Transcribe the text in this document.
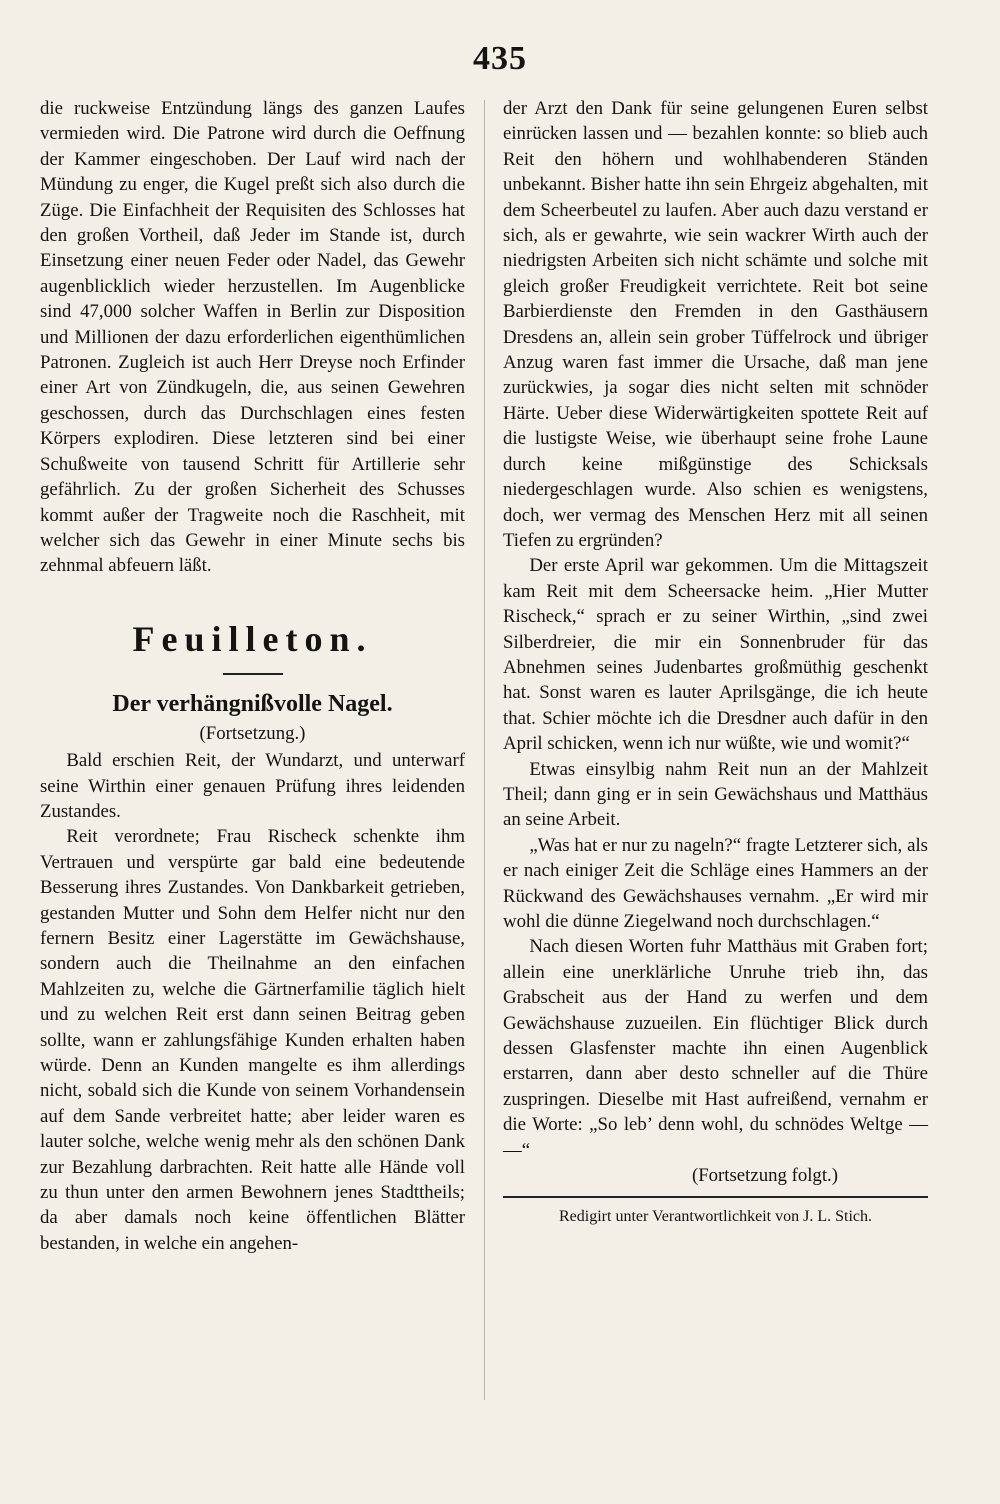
435

die ruckweise Entzündung längs des ganzen Laufes vermieden wird. Die Patrone wird durch die Oeffnung der Kammer eingeschoben. Der Lauf wird nach der Mündung zu enger, die Kugel preßt sich also durch die Züge. Die Einfachheit der Requisiten des Schlosses hat den großen Vortheil, daß Jeder im Stande ist, durch Einsetzung einer neuen Feder oder Nadel, das Gewehr augenblicklich wieder herzustellen. Im Augenblicke sind 47,000 solcher Waffen in Berlin zur Disposition und Millionen der dazu erforderlichen eigenthümlichen Patronen. Zugleich ist auch Herr Dreyse noch Erfinder einer Art von Zündkugeln, die, aus seinen Gewehren geschossen, durch das Durchschlagen eines festen Körpers explodiren. Diese letzteren sind bei einer Schußweite von tausend Schritt für Artillerie sehr gefährlich. Zu der großen Sicherheit des Schusses kommt außer der Tragweite noch die Raschheit, mit welcher sich das Gewehr in einer Minute sechs bis zehnmal abfeuern läßt.

Feuilleton.
Der verhängnißvolle Nagel.
(Fortsetzung.)

Bald erschien Reit, der Wundarzt, und unterwarf seine Wirthin einer genauen Prüfung ihres leidenden Zustandes.

Reit verordnete; Frau Rischeck schenkte ihm Vertrauen und verspürte gar bald eine bedeutende Besserung ihres Zustandes. Von Dankbarkeit getrieben, gestanden Mutter und Sohn dem Helfer nicht nur den fernern Besitz einer Lagerstätte im Gewächshause, sondern auch die Theilnahme an den einfachen Mahlzeiten zu, welche die Gärtnerfamilie täglich hielt und zu welchen Reit erst dann seinen Beitrag geben sollte, wann er zahlungsfähige Kunden erhalten haben würde. Denn an Kunden mangelte es ihm allerdings nicht, sobald sich die Kunde von seinem Vorhandensein auf dem Sande verbreitet hatte; aber leider waren es lauter solche, welche wenig mehr als den schönen Dank zur Bezahlung darbrachten. Reit hatte alle Hände voll zu thun unter den armen Bewohnern jenes Stadttheils; da aber damals noch keine öffentlichen Blätter bestanden, in welche ein angehen-

der Arzt den Dank für seine gelungenen Euren selbst einrücken lassen und — bezahlen konnte: so blieb auch Reit den höhern und wohlhabenderen Ständen unbekannt. Bisher hatte ihn sein Ehrgeiz abgehalten, mit dem Scheerbeutel zu laufen. Aber auch dazu verstand er sich, als er gewahrte, wie sein wackrer Wirth auch der niedrigsten Arbeiten sich nicht schämte und solche mit gleich großer Freudigkeit verrichtete. Reit bot seine Barbierdienste den Fremden in den Gasthäusern Dresdens an, allein sein grober Tüffelrock und übriger Anzug waren fast immer die Ursache, daß man jene zurückwies, ja sogar dies nicht selten mit schnöder Härte. Ueber diese Widerwärtigkeiten spottete Reit auf die lustigste Weise, wie überhaupt seine frohe Laune durch keine mißgünstige des Schicksals niedergeschlagen wurde. Also schien es wenigstens, doch, wer vermag des Menschen Herz mit all seinen Tiefen zu ergründen?

Der erste April war gekommen. Um die Mittagszeit kam Reit mit dem Scheersacke heim. „Hier Mutter Rischeck,“ sprach er zu seiner Wirthin, „sind zwei Silberdreier, die mir ein Sonnenbruder für das Abnehmen seines Judenbartes großmüthig geschenkt hat. Sonst waren es lauter Aprilsgänge, die ich heute that. Schier möchte ich die Dresdner auch dafür in den April schicken, wenn ich nur wüßte, wie und womit?“

Etwas einsylbig nahm Reit nun an der Mahlzeit Theil; dann ging er in sein Gewächshaus und Matthäus an seine Arbeit.

„Was hat er nur zu nageln?“ fragte Letzterer sich, als er nach einiger Zeit die Schläge eines Hammers an der Rückwand des Gewächshauses vernahm. „Er wird mir wohl die dünne Ziegelwand noch durchschlagen.“

Nach diesen Worten fuhr Matthäus mit Graben fort; allein eine unerklärliche Unruhe trieb ihn, das Grabscheit aus der Hand zu werfen und dem Gewächshause zuzueilen. Ein flüchtiger Blick durch dessen Glasfenster machte ihn einen Augenblick erstarren, dann aber desto schneller auf die Thüre zuspringen. Dieselbe mit Hast aufreißend, vernahm er die Worte: „So leb’ denn wohl, du schnödes Weltge — —“

(Fortsetzung folgt.)
Redigirt unter Verantwortlichkeit von J. L. Stich.
